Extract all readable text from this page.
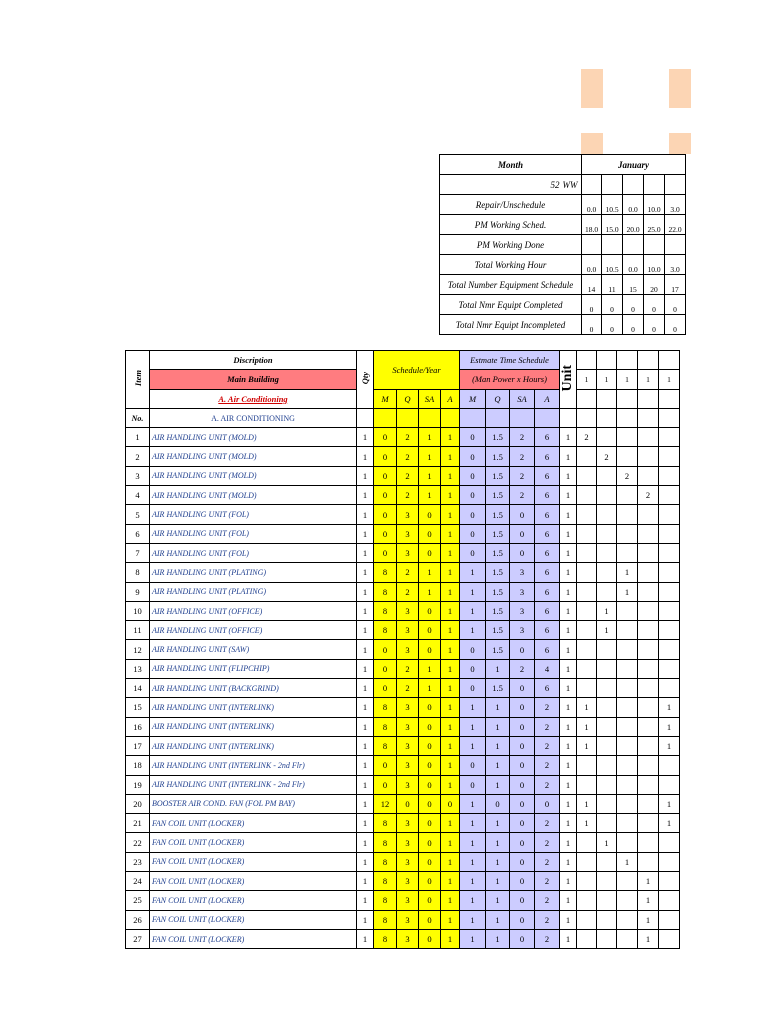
Month		January				
52	WW					
Repair/Unschedule		0.0	10.5	0.0	10.0	3.0
PM Working Sched.		18.0	15.0	20.0	25.0	22.0
PM Working Done						
Total Working Hour		0.0	10.5	0.0	10.0	3.0
Total Number Equipment Schedule		14	11	15	20	17
Total Nmr Equipt Completed		0	0	0	0	0
Total Nmr Equipt Incompleted		0	0	0	0	0
Item	Discription	Qty	Schedule/Year				Estmate Time Schedule				Unit					
	Main Building						(Man Power x Hours)					1	1	1	1	1
	A. Air Conditioning		M	Q	SA	A	M	Q	SA	A						
No.	A. AIR CONDITIONING															
1	AIR HANDLING UNIT (MOLD)	1	0	2	1	1	0	1.5	2	6	1	2				
2	AIR HANDLING UNIT (MOLD)	1	0	2	1	1	0	1.5	2	6	1		2			
3	AIR HANDLING UNIT (MOLD)	1	0	2	1	1	0	1.5	2	6	1			2		
4	AIR HANDLING UNIT (MOLD)	1	0	2	1	1	0	1.5	2	6	1				2	
5	AIR HANDLING UNIT (FOL)	1	0	3	0	1	0	1.5	0	6	1					
6	AIR HANDLING UNIT (FOL)	1	0	3	0	1	0	1.5	0	6	1					
7	AIR HANDLING UNIT (FOL)	1	0	3	0	1	0	1.5	0	6	1					
8	AIR HANDLING UNIT (PLATING)	1	8	2	1	1	1	1.5	3	6	1			1		
9	AIR HANDLING UNIT (PLATING)	1	8	2	1	1	1	1.5	3	6	1			1		
10	AIR HANDLING UNIT (OFFICE)	1	8	3	0	1	1	1.5	3	6	1		1			
11	AIR HANDLING UNIT (OFFICE)	1	8	3	0	1	1	1.5	3	6	1		1			
12	AIR HANDLING UNIT (SAW)	1	0	3	0	1	0	1.5	0	6	1					
13	AIR HANDLING UNIT (FLIPCHIP)	1	0	2	1	1	0	1	2	4	1					
14	AIR HANDLING UNIT (BACKGRIND)	1	0	2	1	1	0	1.5	0	6	1					
15	AIR HANDLING UNIT (INTERLINK)	1	8	3	0	1	1	1	0	2	1	1				1
16	AIR HANDLING UNIT (INTERLINK)	1	8	3	0	1	1	1	0	2	1	1				1
17	AIR HANDLING UNIT (INTERLINK)	1	8	3	0	1	1	1	0	2	1	1				1
18	AIR HANDLING UNIT (INTERLINK - 2nd Flr)	1	0	3	0	1	0	1	0	2	1					
19	AIR HANDLING UNIT (INTERLINK - 2nd Flr)	1	0	3	0	1	0	1	0	2	1					
20	BOOSTER AIR COND. FAN (FOL PM BAY)	1	12	0	0	0	1	0	0	0	1	1				1
21	FAN COIL UNIT (LOCKER)	1	8	3	0	1	1	1	0	2	1	1				1
22	FAN COIL UNIT (LOCKER)	1	8	3	0	1	1	1	0	2	1		1			
23	FAN COIL UNIT (LOCKER)	1	8	3	0	1	1	1	0	2	1			1		
24	FAN COIL UNIT (LOCKER)	1	8	3	0	1	1	1	0	2	1				1	
25	FAN COIL UNIT (LOCKER)	1	8	3	0	1	1	1	0	2	1				1	
26	FAN COIL UNIT (LOCKER)	1	8	3	0	1	1	1	0	2	1				1	
27	FAN COIL UNIT (LOCKER)	1	8	3	0	1	1	1	0	2	1				1	
